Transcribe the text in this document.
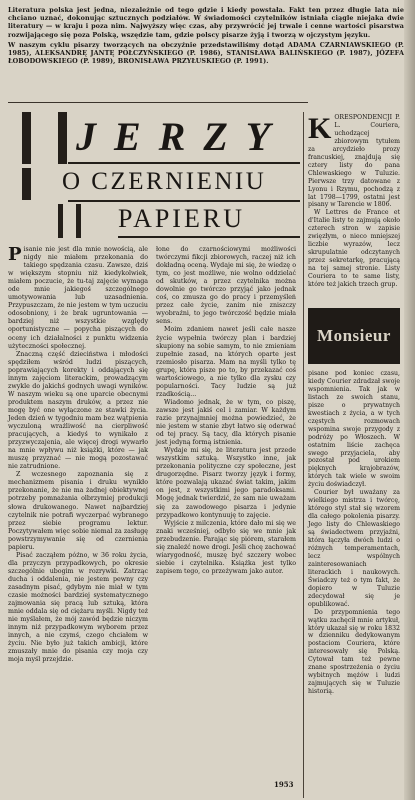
Literatura polska jest jedna, niezależnie od tego gdzie i kiedy powstała. Fakt ten przez długie lata nie chciano uznać, dokonując sztucznych podziałów. W świadomości czytelników istniała ciągle niejaka dwie literatury — w kraju i poza nim. Najwyższy więc czas, aby przywrócić jej trwale i cenne wartości pisarstwa rozwijającego się poza Polską, wszędzie tam, gdzie polscy pisarze żyją i tworzą w ojczystym języku.

W naszym cyklu pisarzy tworzących na obczyźnie przedstawiliśmy dotąd ADAMA CZARNIAWSKIEGO (P. 1985), ALEKSANDRĘ JANTĘ POŁCZYŃSKIEGO (P. 1986), STANISŁAWA BALIŃSKIEGO (P. 1987), JÓZEFA ŁOBODOWSKIEGO (P. 1989), BRONISŁAWA PRZYŁUSKIEGO (P. 1991).

JERZY
O CZERNIENIU
PAPIERU

Pisanie nie jest dla mnie nowością, ale nigdy nie miałem przekonania do takiego spędzania czasu. Zawsze, dziś w większym stopniu niż kiedykolwiek, miałem poczucie, że tu-taj zajęcie wymaga ode mnie jakiegoś szczególnego umotywowania lub uzasadnienia. Przypuszczam, że nie jestem w tym uczuciu odosobniony, i że brak ugruntowania — bardziej niż wszystkie względy oportunistyczne — popycha piszących do oceny ich działalności z punktu widzenia użyteczności społecznej.

Znaczną część dzieciństwa i młodości spędziłem wśród ludzi piszących, poprawiających korekty i oddających się innym zajęciom literackim, prowadzącym zwykle do jakichś godnych uwagi wyników. W naszym wieku są one uparcie obecnymi produktem naszym druków, a przez nie mogę być one wyłączone ze stawki życia. Jeden dzień w tygodniu mam bez wątpienia wyczuloną wrażliwość na cierpliwość pracujących, a kiedyś to wynikało z przyzwyczajenia, ale więcej drogi wywarło na mnie wpływu niż książki, które — jak muszę przyznać — nie mogą pozostawać nie zatrudnione.

Z wczesnego zapoznania się z mechanizmem pisania i druku wynikło przekonanie, że nie ma żadnej obiektywnej potrzeby pomnażania olbrzymiej produkcji słowa drukowanego. Nawet najbardziej czytelnik nie potrafi wyczerpać wybranego przez siebie programu lektur. Poczytywałem więc sobie niemal za zasługę powstrzymywanie się od czernienia papieru.

Pisać zacząłem późno, w 36 roku życia, dla przyczyn przypadkowych, po okresie szczególnie ubogim w rozrywki. Zatrząc ducha i oddalenia, nie jestem pewny czy zasadnym pisać, gdybym nie miał w tym czasie możności bardziej systematycznego zajmowania się pracą lub sztuką, która mnie oddala się od ciężaru myśli. Nigdy też nie myślałem, że mój zawód będzie niczym innym niż przypadkowym wyborem przez innych, a nie czymś, czego chciałem w życiu. Nie było już takich ambicji, które zmuszały mnie do pisania czy moja czy moja myśl przejdzie.

łone do czarnościowymi możliwości twórczymi fikcji zbiorowych, raczej niż ich dokładną oceną. Wydaje mi się, że wiedzę o tym, co jest możliwe, nie wolno oddzielać od skutków, a przez czytelnika można dowolnie go twórczo przyjąć jako jednak coś, co zmusza go do pracy i przemyśleń przez całe życie, zanim nie zniszczy wyobraźni, to jego twórczość będzie miała sens.

Moim zdaniem nawet jeśli całe nasze życie wypełnia twórczy plan i bardziej skupiony na sobie samym, to nie zmieniam zupełnie zasad, na których oparte jest rzemiosło pisarza. Mam na myśli tylko tę grupę, która pisze po to, by przekazać coś wartościowego, a nie tylko dla zysku czy popularności. Tacy ludzie są już rzadkością...

Wiadomo jednak, że w tym, co piszę, zawsze jest jakiś cel i zamiar. W każdym razie przynajmniej można powiedzieć, że nie jestem w stanie zbyt łatwo się oderwać od tej pracy. Są tacy, dla których pisanie jest jedyną formą istnienia.

Wydaje mi się, że literatura jest przede wszystkim sztuką. Wszystko inne, jak przekonania polityczne czy społeczne, jest drugorzędne. Pisarz tworzy język i formy, które pozwalają ukazać świat takim, jakim on jest, z wszystkimi jego paradoksami. Mogę jednak twierdzić, że sam nie uważam się za zawodowego pisarza i jedynie przypadkowo kontynuuję to zajęcie.

Wyjście z milczenia, które dało mi się we znaki wcześniej, odbyło się we mnie jak przebudzenie. Parając się piórem, starałem się znaleźć nowe drogi. Jeśli chcę zachować wiarygodność, muszę być szczery wobec siebie i czytelnika. Książka jest tylko zapisem tego, co przeżywam jako autor.

1953

KORESPONDENCJI P. L. Couriera, uchodzącej zbiorowym tytułem za arcydzieło prozy francuskiej, znajdują się cztery listy do pana Chlewaskiego w Tuluzie. Pierwsze trzy datowane z Lyonu i Rzymu, pochodzą z lat 1798—1799, ostatni jest pisany w Tarencie w 1806.

W Lettres de France et d'Italie listy te zajmują około czterech stron w zapisie zwięzłym, o nieco mniejszej liczbie wyrazów, lecz skrupulatnie odczytanych przez sekretarkę, pracującą na tej samej stronie. Listy Couriera to te same listy, które też jakich trzech grup.

Monsieur

pisane pod koniec czasu, kiedy Courier zdradzał swoje wspomnienia. Tak jak w listach ze swoich stanu, pisze o prywatnych kwestiach z życia, a w tych częstych rozmowach wspomina swoje przygody z podróży po Włoszech. W ostatnim liście zachęca swego przyjaciela, aby pozostał pod urokiem pięknych krajobrazów, których tak wiele w swoim życiu doświadczył.

Courier był uważany za wielkiego mistrza i twórcę, którego styl stał się wzorem dla całego pokolenia pisarzy. Jego listy do Chlewaskiego są świadectwem przyjaźni, która łączyła dwóch ludzi o różnych temperamentach, lecz wspólnych zainteresowaniach literackich i naukowych. Świadczy też o tym fakt, że dopiero w Tuluzie zdecydował się je opublikować.

Do przypomnienia tego wątku zachęcił mnie artykuł, który ukazał się w roku 1832 w dzienniku dedykowanym postaciom Couriera, które interesowały się Polską. Cytował tam też pewne znane spostrzeżenia o życiu wybitnych mężów i ludzi zajmujących się w Tuluzie historią.
